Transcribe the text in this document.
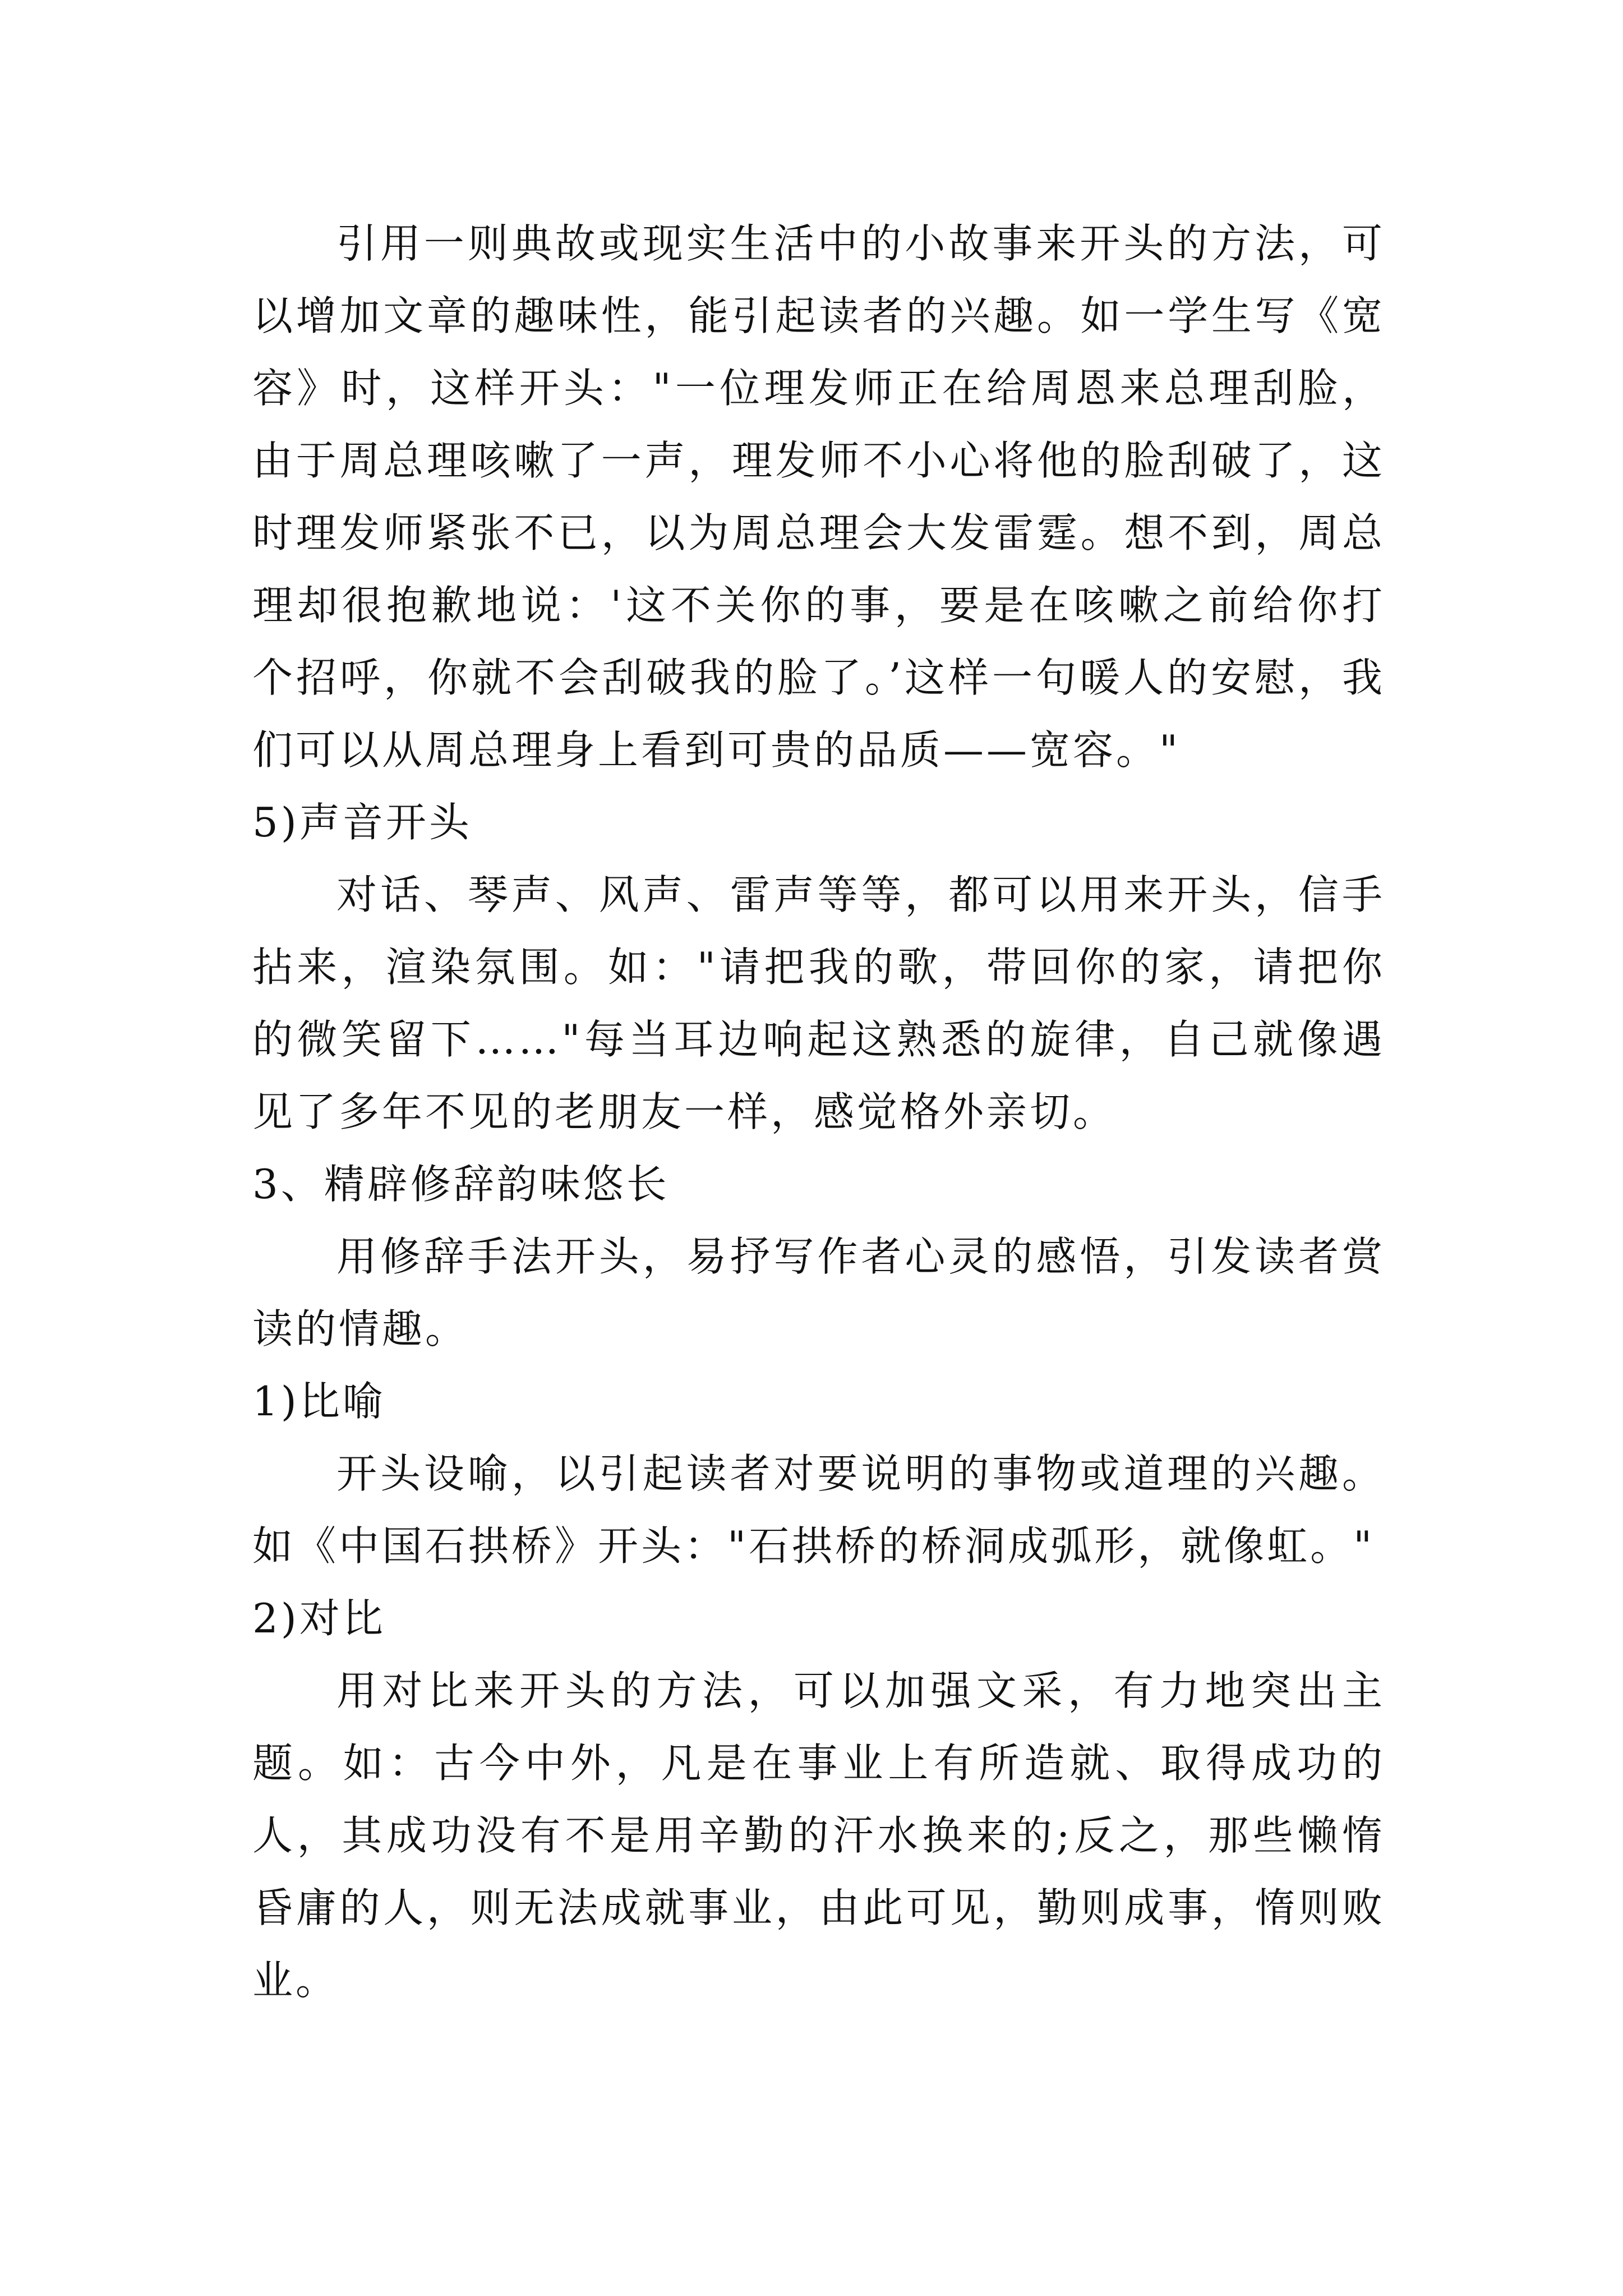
引用一则典故或现实生活中的小故事来开头的方法，可以增加文章的趣味性，能引起读者的兴趣。如一学生写《宽容》时，这样开头："一位理发师正在给周恩来总理刮脸，由于周总理咳嗽了一声，理发师不小心将他的脸刮破了，这时理发师紧张不已，以为周总理会大发雷霆。想不到，周总理却很抱歉地说：'这不关你的事，要是在咳嗽之前给你打个招呼，你就不会刮破我的脸了。’这样一句暖人的安慰，我们可以从周总理身上看到可贵的品质——宽容。"

5)声音开头

对话、琴声、风声、雷声等等，都可以用来开头，信手拈来，渲染氛围。如："请把我的歌，带回你的家，请把你的微笑留下……"每当耳边响起这熟悉的旋律，自己就像遇见了多年不见的老朋友一样，感觉格外亲切。

3、精辟修辞韵味悠长

用修辞手法开头，易抒写作者心灵的感悟，引发读者赏读的情趣。

1)比喻

开头设喻，以引起读者对要说明的事物或道理的兴趣。如《中国石拱桥》开头："石拱桥的桥洞成弧形，就像虹。"

2)对比

用对比来开头的方法，可以加强文采，有力地突出主题。如：古今中外，凡是在事业上有所造就、取得成功的人，其成功没有不是用辛勤的汗水换来的;反之，那些懒惰昏庸的人，则无法成就事业，由此可见，勤则成事，惰则败业。
